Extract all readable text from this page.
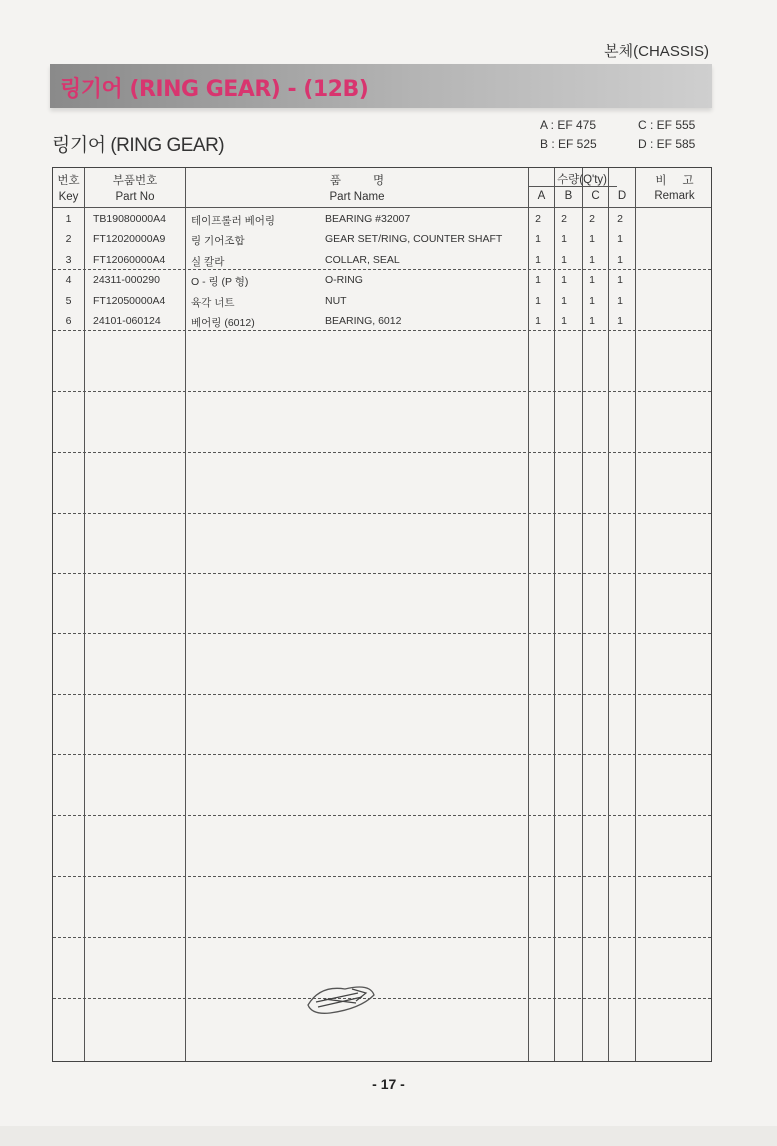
본체(CHASSIS)
링기어 (RING GEAR) - (12B)
링기어 (RING GEAR)
A : EF 475
B : EF 525
C : EF 555
D : EF 585
번호
Key
부품번호
Part No
품          명
Part Name
수량(Q'ty)
A	B	C	D
비     고
Remark
1	TB19080000A4 테이프롤러 베어링	BEARING #32007	2	2	2	2
2	FT12020000A9 링 기어조합	GEAR SET/RING, COUNTER SHAFT	1	1	1	1
3	FT12060000A4 실 칼라	COLLAR, SEAL	1	1	1	1
4	24311-000290	O - 링 (P 형)	O-RING	1	1	1	1
5	FT12050000A4 육각 너트	NUT	1	1	1	1
6	24101-060124	베어링 (6012)	BEARING, 6012	1	1	1	1
- 17 -
